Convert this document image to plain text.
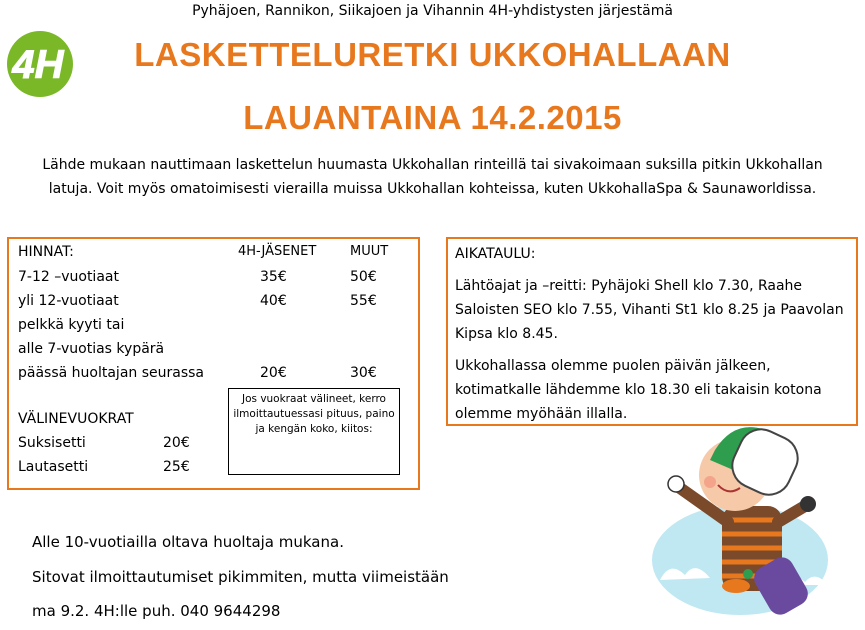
Pyhäjoen, Rannikon, Siikajoen ja Vihannin 4H-yhdistysten järjestämä
4H	LASKETTELURETKI UKKOHALLAAN
LAUANTAINA 14.2.2015
Lähde mukaan nauttimaan laskettelun huumasta Ukkohallan rinteillä tai sivakoimaan suksilla pitkin Ukkohallan latuja. Voit myös omatoimisesti vierailla muissa Ukkohallan kohteissa, kuten UkkohallaSpa & Saunaworldissa.
HINNAT:	4H-JÄSENET	MUUT
7-12 –vuotiaat	35€	50€
yli 12-vuotiaat	40€	55€
pelkkä kyyti tai
alle 7-vuotias kypärä
päässä huoltajan seurassa	20€	30€
VÄLINEVUOKRAT
Suksisetti	20€
Lautasetti	25€
Jos vuokraat välineet, kerro ilmoittautuessasi pituus, paino ja kengän koko, kiitos:
AIKATAULU:
Lähtöajat ja –reitti: Pyhäjoki Shell klo 7.30, Raahe Saloisten SEO klo 7.55, Vihanti St1 klo 8.25 ja Paavolan Kipsa klo 8.45.
Ukkohallassa olemme puolen päivän jälkeen, kotimatkalle lähdemme klo 18.30 eli takaisin kotona olemme myöhään illalla.
Alle 10-vuotiailla oltava huoltaja mukana.
Sitovat ilmoittautumiset pikimmiten, mutta viimeistään
ma 9.2. 4H:lle puh. 040 9644298
